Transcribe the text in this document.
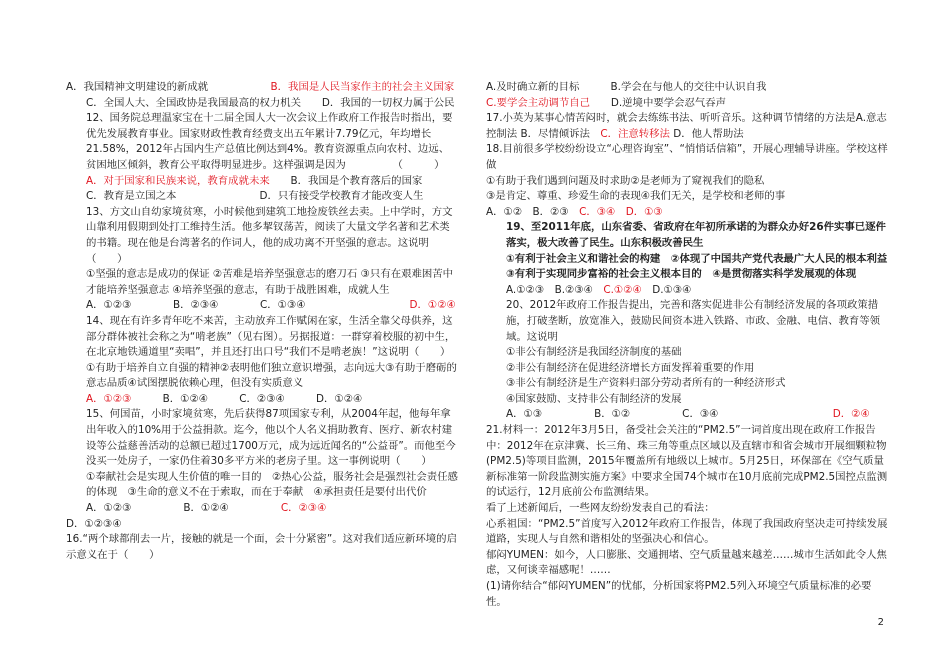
A．我国精神文明建设的新成就　　　　　　B．我国是人民当家作主的社会主义国家

C．全国人大、全国政协是我国最高的权力机关　　D．我国的一切权力属于公民

12、国务院总理温家宝在十二届全国人大一次会议上作政府工作报告时指出，要优先发展教育事业。国家财政性教育经费支出五年累计7.79亿元，年均增长21.58%，2012年占国内生产总值比例达到4%。教育资源重点向农村、边远、贫困地区倾斜，教育公平取得明显进步。这样强调是因为　　　　　（　　　）

A．对于国家和民族来说，教育成就未来　　B．我国是个教育落后的国家

C．教育是立国之本　　　　　　　　D．只有接受学校教育才能改变人生

13、方文山自幼家境贫寒，小时候他到建筑工地捡废铁丝去卖。上中学时，方文山靠利用假期到处打工维持生活。他多挈钗荡苦，阅读了大量文学名著和艺术类的书籍。现在他是台湾著名的作词人，他的成功离不开坚强的意志。这说明（　　）

①坚强的意志是成功的保证 ②苦难是培养坚强意志的磨刀石 ③只有在艰难困苦中才能培养坚强意志 ④培养坚强的意志，有助于战胜困难，成就人生

A．①②③　　　　B．②③④　　　　C．①③④　　　　　　　　　　D．①②④

14、现在有许多青年吃不来苦，主动放弃工作赋闲在家，生活全靠父母供养，这部分群体被社会称之为“啃老族”（见右图）。另据报道：一群穿着校服的初中生，在北京地铁通道里“卖唱”，并且还打出口号“我们不是啃老族！”这说明（　　）

①有助于培养自立自强的精神②表明他们独立意识增强，志向远大③有助于磨砺的意志品质④试图摆脱依赖心理，但没有实质意义

A．①②③　　　B．①②④　　　C．②③④　　　D．①②④

15、何国苗，小时家境贫寒，先后获得87项国家专利，从2004年起，他每年拿出年收入的10%用于公益捐款。迄今，他以个人名义捐助教育、医疗、新农村建设等公益慈善活动的总额已超过1700万元，成为远近闻名的“公益哥”。而他至今没买一处房子，一家仍住着30多平方米的老房子里。这一事例说明（　　）

①奉献社会是实现人生价值的唯一目的　②热心公益，服务社会是强烈社会责任感的体现　③生命的意义不在于索取，而在于奉献　④承担责任是要付出代价

A．①②③　　　　　B．①②④　　　　　C．②③④

D．①②③④

16.“两个球都削去一片，接触的就是一个面，会十分紧密”。这对我们适应新环境的启示意义在于（　　）

A.及时确立新的目标　　　B.学会在与他人的交往中认识自我

C.要学会主动调节自己　　D.逆境中要学会忍气吞声

17.小英为某事心情苦闷时，就会去练练书法、听听音乐。这种调节情绪的方法是A.意志控制法 B．尽情倾诉法　C．注意转移法 D．他人帮助法

18.目前很多学校纷纷设立“心理咨询室”、“悄悄话信箱”，开展心理辅导讲座。学校这样做

①有助于我们遇到问题及时求助②是老师为了窥视我们的隐私

③是肯定、尊重、珍爱生命的表现④我们无关，是学校和老师的事

A．①②　B．②③　C．③④　D．①③

19、至2011年底，山东省委、省政府在年初所承诺的为群众办好26件实事已逐件落实，极大改善了民生。山东积极改善民生

①有利于社会主义和谐社会的构建　②体现了中国共产党代表最广大人民的根本利益　③有利于实现同步富裕的社会主义根本目的　④是贯彻落实科学发展观的体现　　A.①②③　B.②③④　C.①②④　D.①③④

20、2012年政府工作报告提出，完善和落实促进非公有制经济发展的各项政策措施，打破垄断，放宽准入，鼓励民间资本进入铁路、市政、金融、电信、教育等领域。这说明

①非公有制经济是我国经济制度的基础

②非公有制经济在促进经济增长方面发挥着重要的作用

③非公有制经济是生产资料归部分劳动者所有的一种经济形式

④国家鼓励、支持非公有制经济的发展

A．①③　　　　　B．①②　　　　　C．③④　　　　　　　　　　　D．②④

21.材料一：2012年3月5日，备受社会关注的“PM2.5”一词首度出现在政府工作报告中：2012年在京津冀、长三角、珠三角等重点区域以及直辖市和省会城市开展细颗粒物(PM2.5)等项目监测，2015年覆盖所有地级以上城市。5月25日，环保部在《空气质量新标准第一阶段监测实施方案》中要求全国74个城市在10月底前完成PM2.5国控点监测的试运行，12月底前公布监测结果。

看了上述新闻后，一些网友纷纷发表自己的看法：

心系祖国：“PM2.5”首度写入2012年政府工作报告，体现了我国政府坚决走可持续发展道路，实现人与自然和谐相处的坚强决心和信心。

郁闷YUMEN：如今，人口膨胀、交通拥堵、空气质量越来越差……城市生活如此令人焦虑，又何谈幸福感呢！……

(1)请你结合“郁闷YUMEN”的忧郁，分析国家将PM2.5列入环境空气质量标准的必要性。

2
